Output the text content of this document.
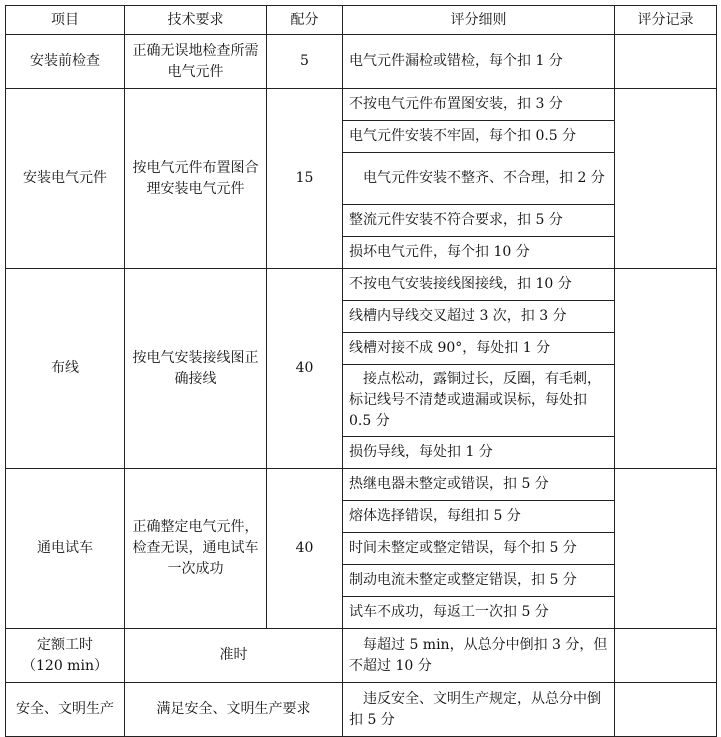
项目	技术要求	配分	评分细则	评分记录
安装前检查	正确无误地检查所需电气元件	5	电气元件漏检或错检，每个扣 1 分	
安装电气元件	按电气元件布置图合理安装电气元件	15	不按电气元件布置图安装，扣 3 分	
			电气元件安装不牢固，每个扣 0.5 分	
			电气元件安装不整齐、不合理，扣 2 分	
			整流元件安装不符合要求，扣 5 分	
			损坏电气元件，每个扣 10 分	
布线	按电气安装接线图正确接线	40	不按电气安装接线图接线，扣 10 分	
			线槽内导线交叉超过 3 次，扣 3 分	
			线槽对接不成 90°，每处扣 1 分	
			接点松动，露铜过长，反圈，有毛刺，标记线号不清楚或遗漏或误标，每处扣 0.5 分	
			损伤导线，每处扣 1 分	
通电试车	正确整定电气元件，检查无误，通电试车一次成功	40	热继电器未整定或错误，扣 5 分	
			熔体选择错误，每组扣 5 分	
			时间未整定或整定错误，每个扣 5 分	
			制动电流未整定或整定错误，扣 5 分	
			试车不成功，每返工一次扣 5 分	
定额工时
（120 min）	准时		每超过 5 min，从总分中倒扣 3 分，但不超过 10 分	
安全、文明生产	满足安全、文明生产要求		违反安全、文明生产规定，从总分中倒扣 5 分	
